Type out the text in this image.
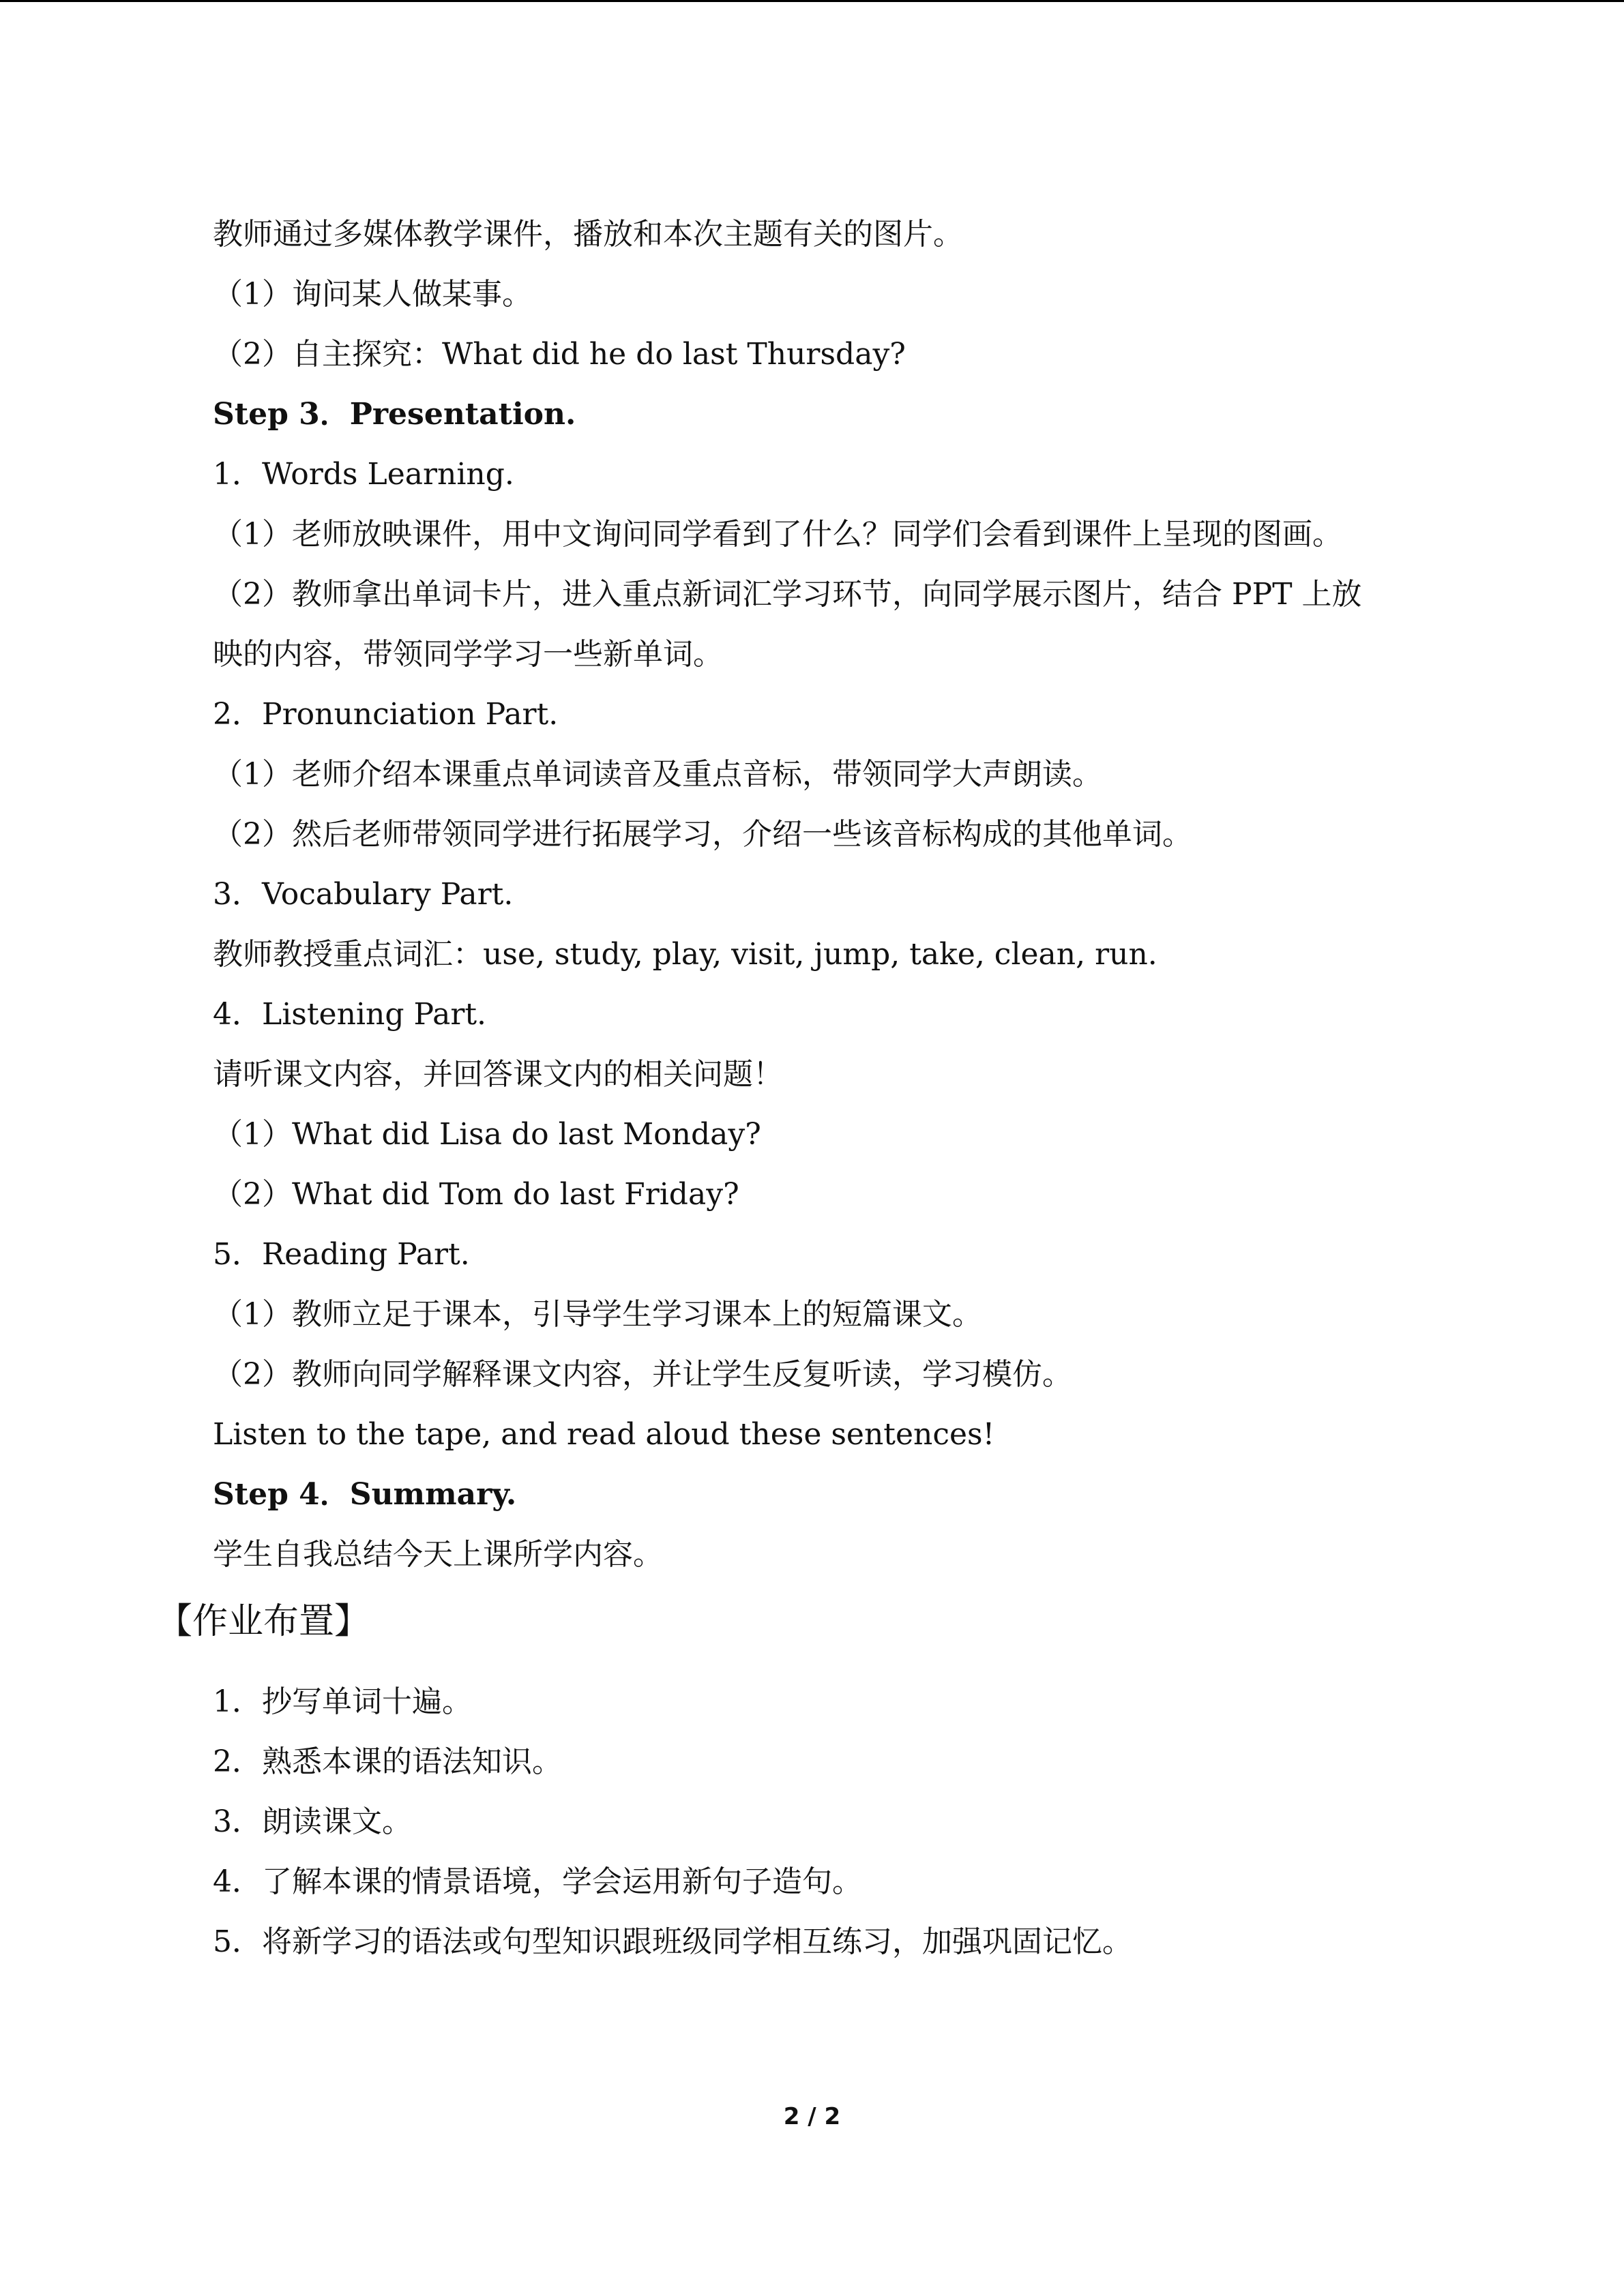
教师通过多媒体教学课件，播放和本次主题有关的图片。
（1）询问某人做某事。
（2）自主探究：What did he do last Thursday?
Step 3．Presentation.
1．Words Learning.
（1）老师放映课件，用中文询问同学看到了什么？同学们会看到课件上呈现的图画。
（2）教师拿出单词卡片，进入重点新词汇学习环节，向同学展示图片，结合 PPT 上放
映的内容，带领同学学习一些新单词。
2．Pronunciation Part.
（1）老师介绍本课重点单词读音及重点音标，带领同学大声朗读。
（2）然后老师带领同学进行拓展学习，介绍一些该音标构成的其他单词。
3．Vocabulary Part.
教师教授重点词汇：use, study, play, visit, jump, take, clean, run.
4．Listening Part.
请听课文内容，并回答课文内的相关问题！
（1）What did Lisa do last Monday?
（2）What did Tom do last Friday?
5．Reading Part.
（1）教师立足于课本，引导学生学习课本上的短篇课文。
（2）教师向同学解释课文内容，并让学生反复听读，学习模仿。
Listen to the tape, and read aloud these sentences!
Step 4．Summary.
学生自我总结今天上课所学内容。
【作业布置】
1．抄写单词十遍。
2．熟悉本课的语法知识。
3．朗读课文。
4．了解本课的情景语境，学会运用新句子造句。
5．将新学习的语法或句型知识跟班级同学相互练习，加强巩固记忆。
2 / 2
